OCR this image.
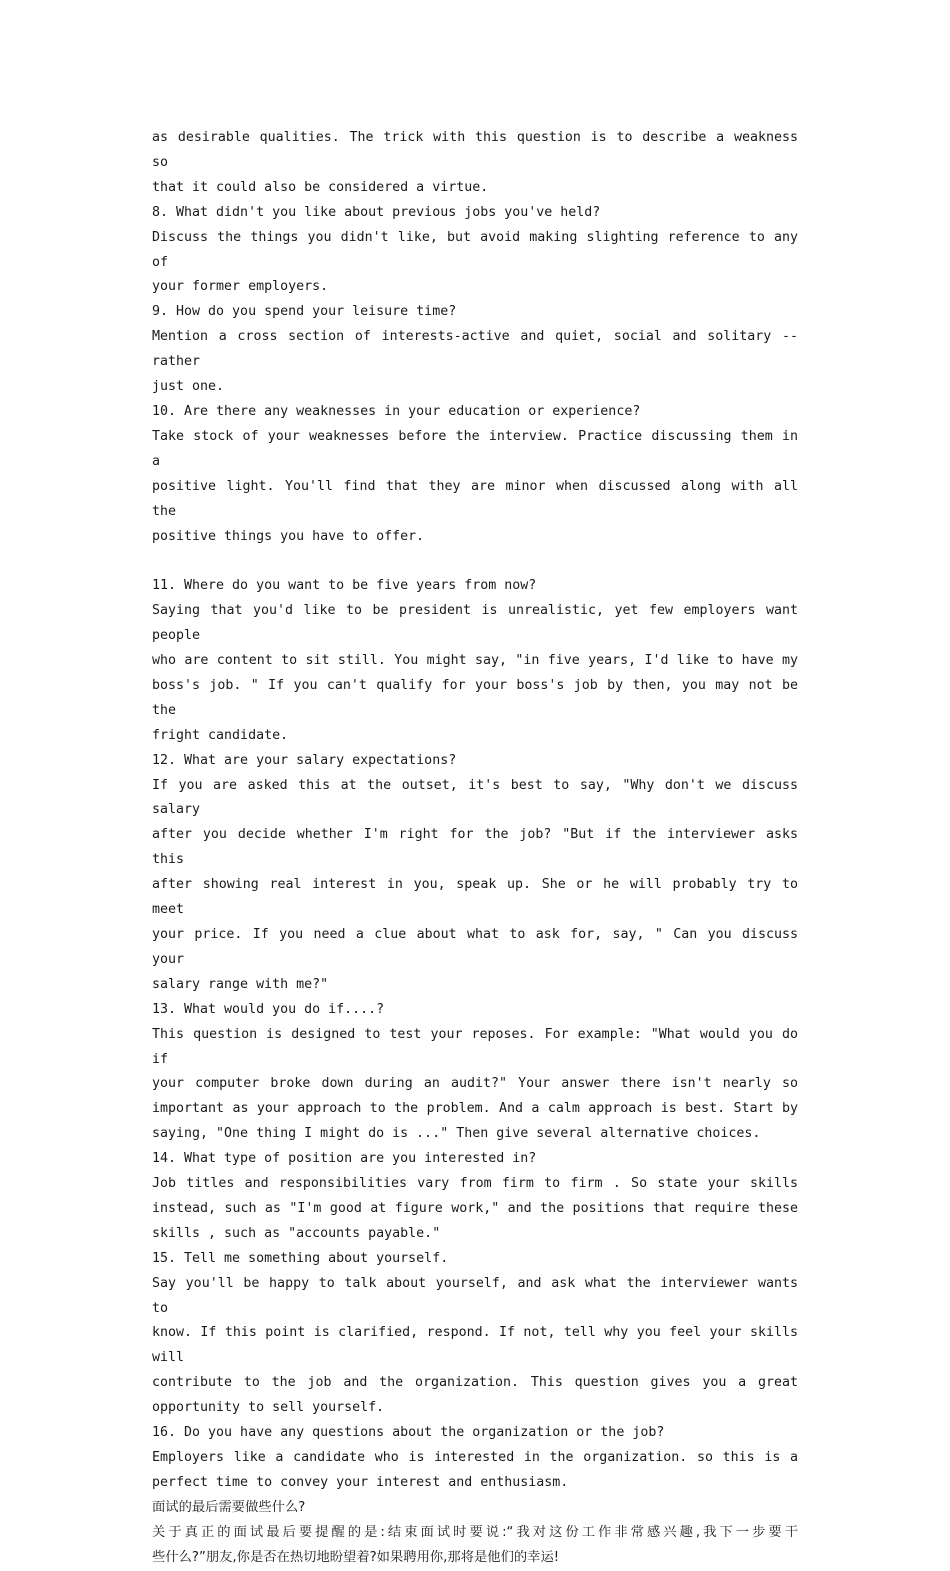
as desirable qualities. The trick with this question is to describe a weakness so

that it could also be considered a virtue.

8. What didn't you like about previous jobs you've held?

Discuss the things you didn't like, but avoid making slighting reference to any of

your former employers.

9. How do you spend your leisure time?

Mention a cross section of interests-active and quiet, social and solitary -- rather

just one.

10. Are there any weaknesses in your education or experience?

Take stock of your weaknesses before the interview. Practice discussing them in a

positive light. You'll find that they are minor when discussed along with all the

positive things you have to offer.

11. Where do you want to be five years from now?

Saying that you'd like to be president is unrealistic, yet few employers want people

who are content to sit still. You might say, "in five years, I'd like to have my

boss's job. " If you can't qualify for your boss's job by then, you may not be the

fright candidate.

12. What are your salary expectations?

If you are asked this at the outset, it's best to say, "Why don't we discuss salary

after you decide whether I'm right for the job? "But if the interviewer asks this

after showing real interest in you, speak up. She or he will probably try to meet

your price. If you need a clue about what to ask for, say, " Can you discuss your

salary range with me?"

13. What would you do if....?

This question is designed to test your reposes. For example: "What would you do if

your computer broke down during an audit?" Your answer there isn't nearly so

important as your approach to the problem. And a calm approach is best. Start by

saying, "One thing I might do is ..." Then give several alternative choices.

14. What type of position are you interested in?

Job titles and responsibilities vary from firm to firm . So state your skills

instead, such as "I'm good at figure work," and the positions that require these

skills , such as "accounts payable."

15. Tell me something about yourself.

Say you'll be happy to talk about yourself, and ask what the interviewer wants to

know. If this point is clarified, respond. If not, tell why you feel your skills will

contribute to the job and the organization. This question gives you a great

opportunity to sell yourself.

16. Do you have any questions about the organization or the job?

Employers like a candidate who is interested in the organization. so this is a

perfect time to convey your interest and enthusiasm.

面试的最后需要做些什么?

关于真正的面试最后要提醒的是:结束面试时要说:“我对这份工作非常感兴趣,我下一步要干

些什么?”朋友,你是否在热切地盼望着?如果聘用你,那将是他们的幸运!
